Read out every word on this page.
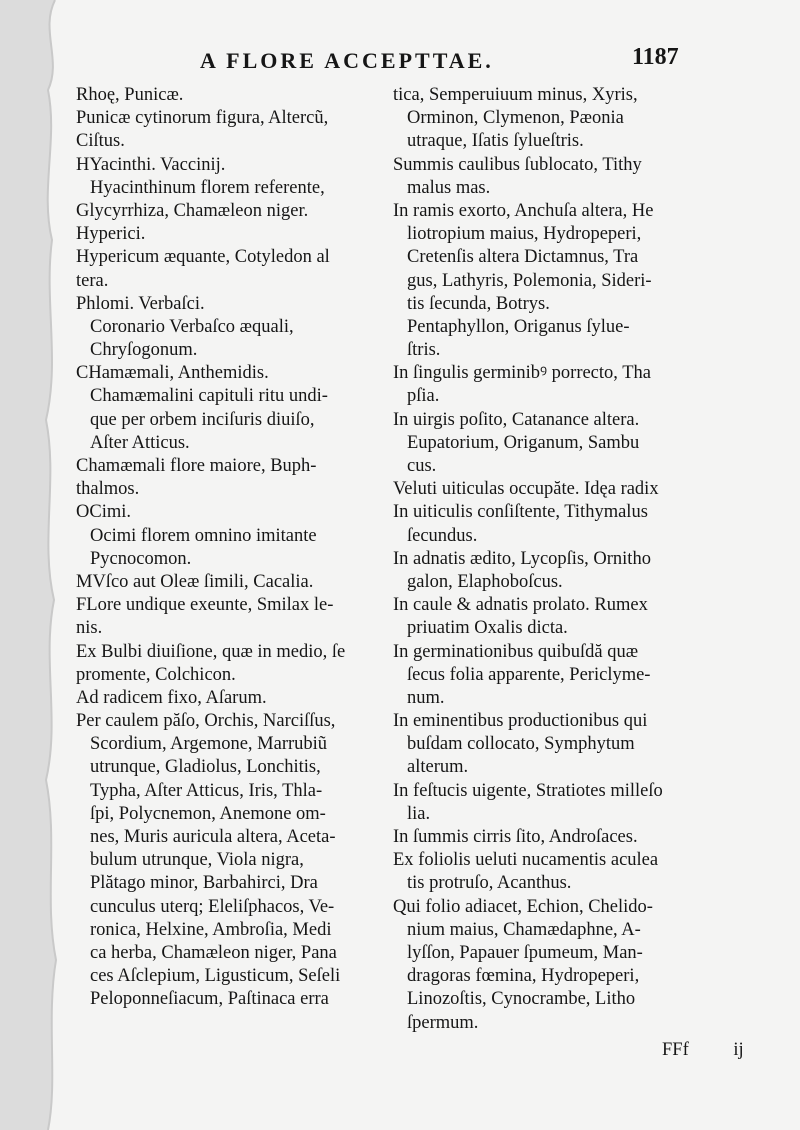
A FLORE ACCEPTTAE.	1187
Rhoę, Punicæ.
Punicæ cytinorum figura, Altercũ,
Ciſtus.
HYacinthi. Vaccinij.
Hyacinthinum florem referente,
Glycyrrhiza, Chamæleon niger.
Hyperici.
Hypericum æquante, Cotyledon al
tera.
Phlomi. Verbaſci.
Coronario Verbaſco æquali,
Chryſogonum.
CHamæmali, Anthemidis.
Chamæmalini capituli ritu undi-
que per orbem inciſuris diuiſo,
Aſter Atticus.
Chamæmali flore maiore, Buph-
thalmos.
OCimi.
Ocimi florem omnino imitante
Pycnocomon.
MVſco aut Oleæ ſimili, Cacalia.
FLore undique exeunte, Smilax le-
nis.
Ex Bulbi diuiſione, quæ in medio, ſe
promente, Colchicon.
Ad radicem fixo, Aſarum.
Per caulem păſo, Orchis, Narciſſus,
Scordium, Argemone, Marrubiũ
utrunque, Gladiolus, Lonchitis,
Typha, Aſter Atticus, Iris, Thla-
ſpi, Polycnemon, Anemone om-
nes, Muris auricula altera, Aceta-
bulum utrunque, Viola nigra,
Plătago minor, Barbahirci, Dra
cunculus uterq; Eleliſphacos, Ve-
ronica, Helxine, Ambroſia, Medi
ca herba, Chamæleon niger, Pana
ces Aſclepium, Ligusticum, Seſeli
Peloponneſiacum, Paſtinaca erra
tica, Semperuiuum minus, Xyris,
Orminon, Clymenon, Pæonia
utraque, Iſatis ſylueſtris.
Summis caulibus ſublocato, Tithy
malus mas.
In ramis exorto, Anchuſa altera, He
liotropium maius, Hydropeperi,
Cretenſis altera Dictamnus, Tra
gus, Lathyris, Polemonia, Sideri-
tis ſecunda, Botrys.
Pentaphyllon, Origanus ſylue-
ſtris.
In ſingulis germinibꝰ porrecto, Tha
pſia.
In uirgis poſito, Catanance altera.
Eupatorium, Origanum, Sambu
cus.
Veluti uiticulas occupăte. Idęa radix
In uiticulis conſiſtente, Tithymalus
ſecundus.
In adnatis ædito, Lycopſis, Ornitho
galon, Elaphoboſcus.
In caule & adnatis prolato. Rumex
priuatim Oxalis dicta.
In germinationibus quibuſdă quæ
ſecus folia apparente, Periclyme-
num.
In eminentibus productionibus qui
buſdam collocato, Symphytum
alterum.
In feſtucis uigente, Stratiotes milleſo
lia.
In ſummis cirris ſito, Androſaces.
Ex foliolis ueluti nucamentis aculea
tis protruſo, Acanthus.
Qui folio adiacet, Echion, Chelido-
nium maius, Chamædaphne, A-
lyſſon, Papauer ſpumeum, Man-
dragoras fœmina, Hydropeperi,
Linozoſtis, Cynocrambe, Litho
ſpermum.
FFf ij
